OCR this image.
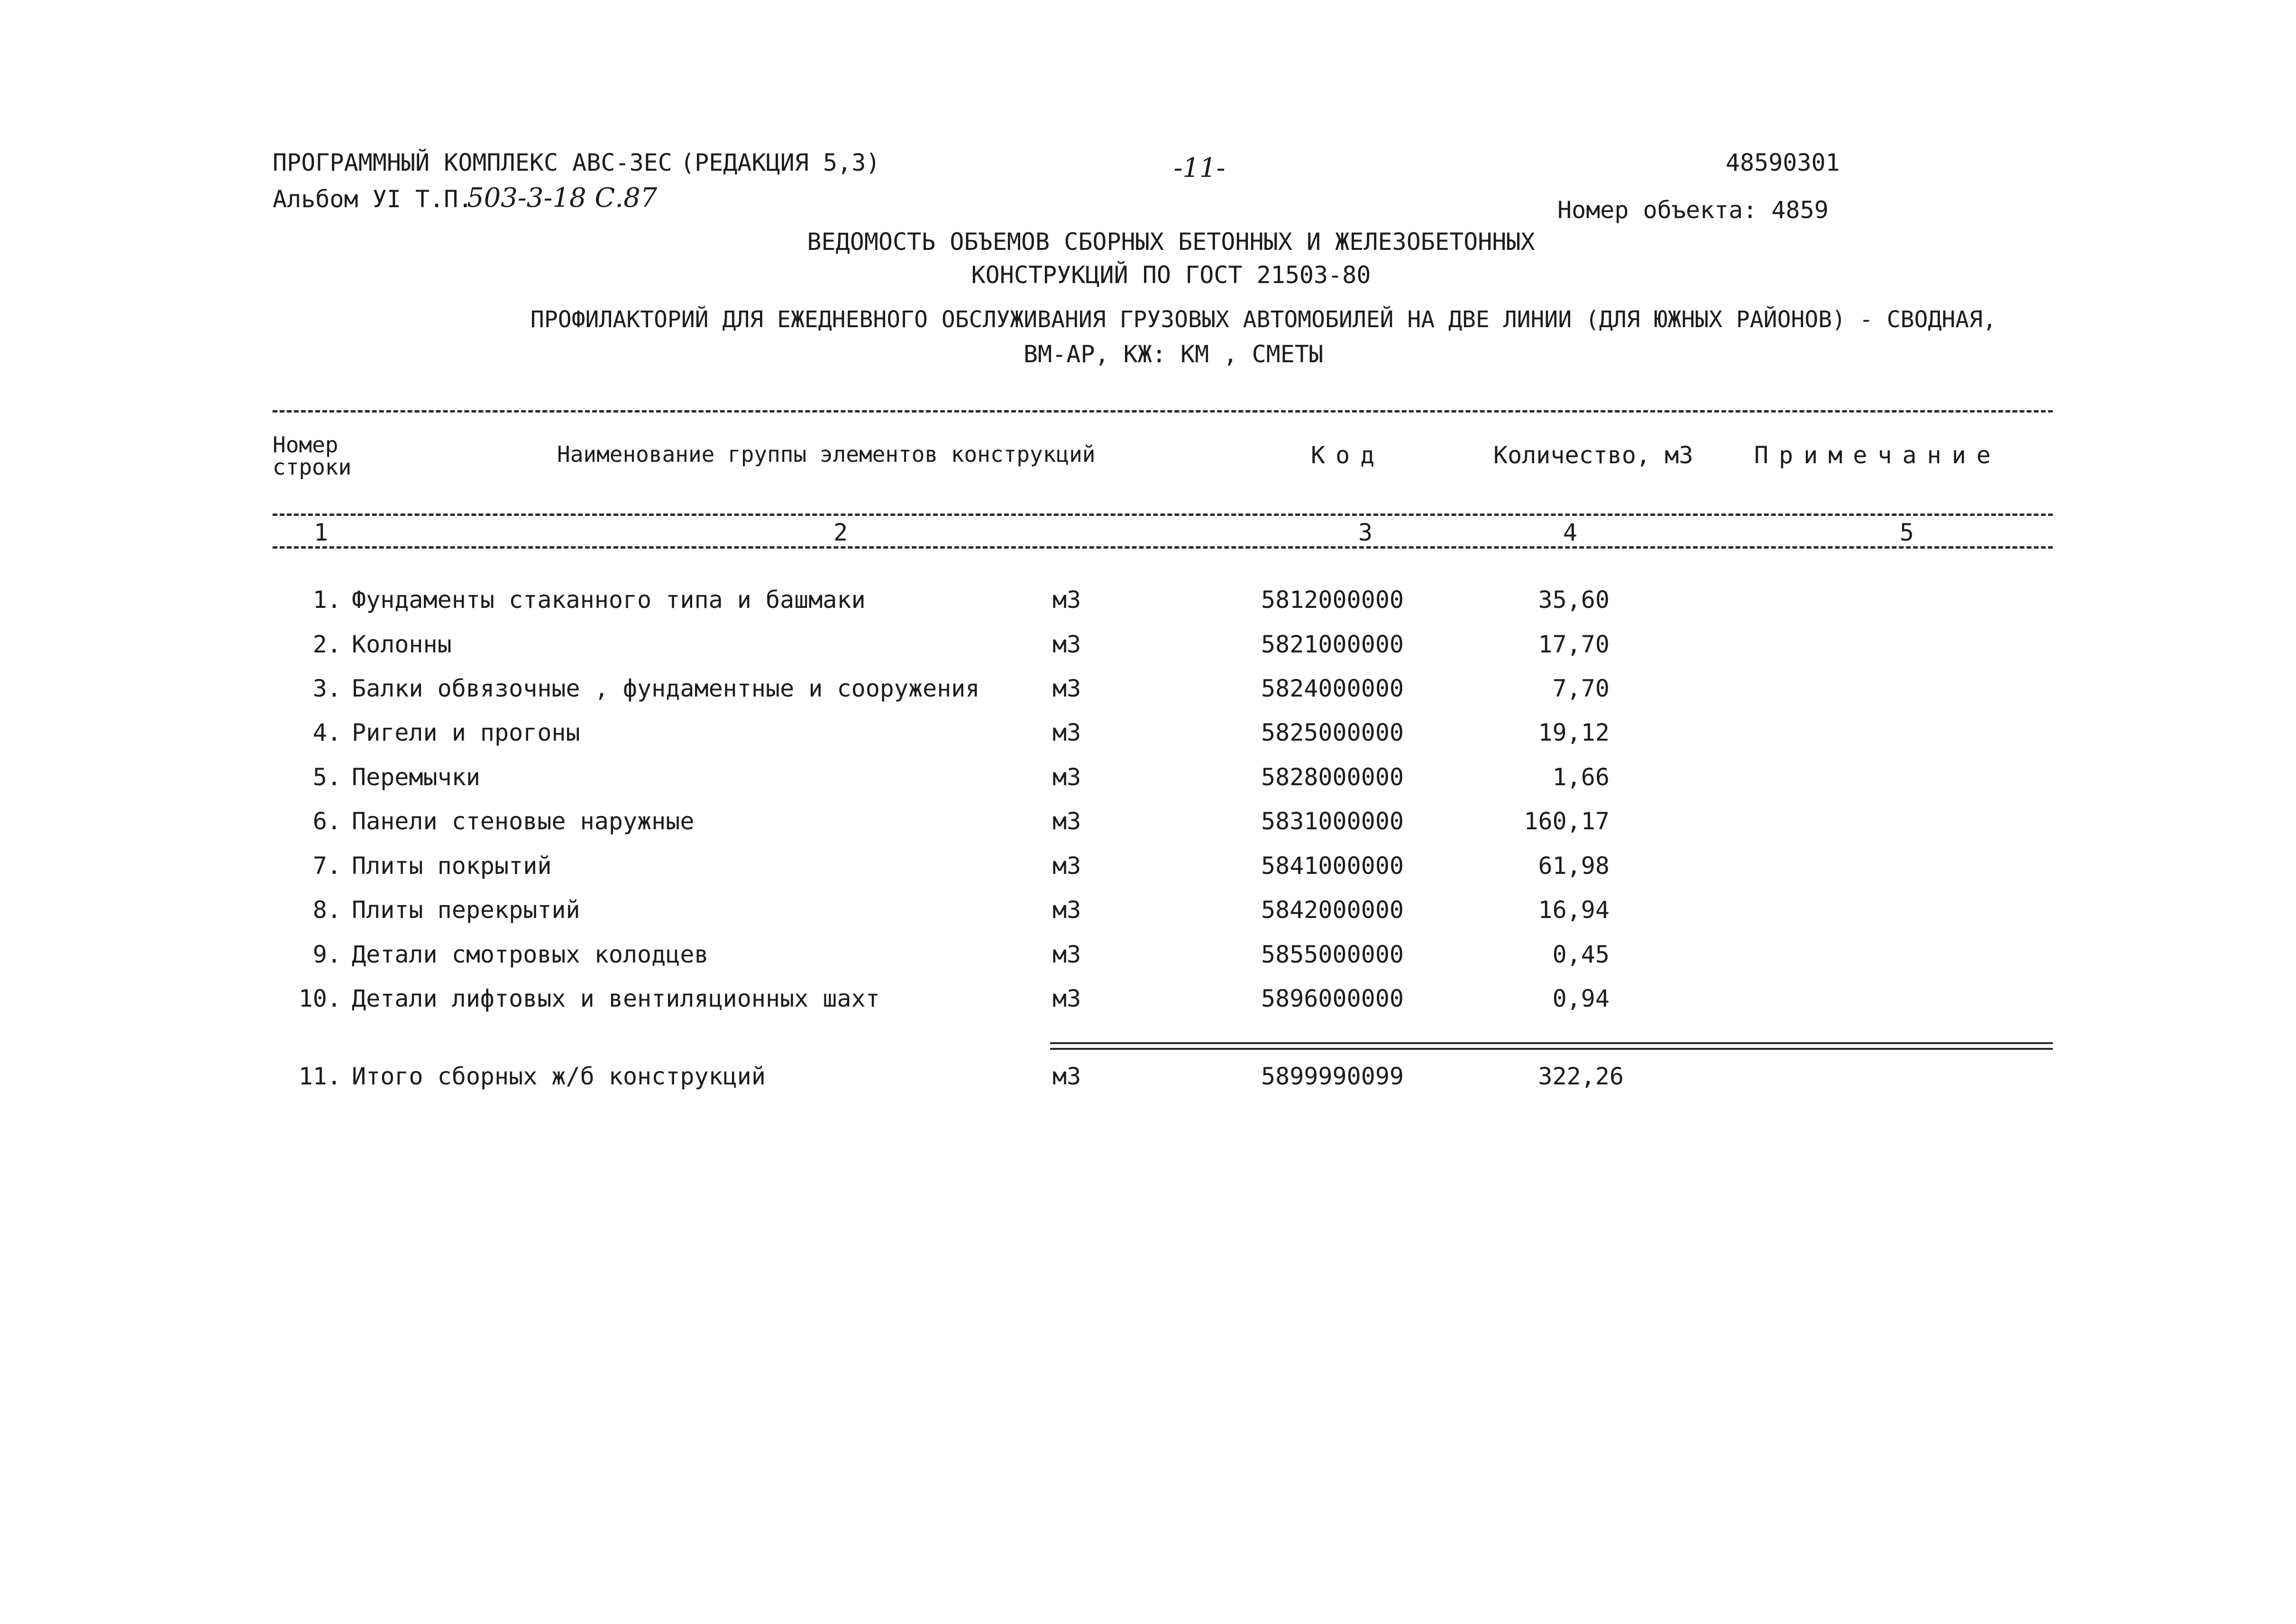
ПРОГРАММНЫЙ КОМПЛЕКС АВС-3ЕС (РЕДАКЦИЯ 5,3)	-11-	48590301
Альбом УI Т.П.
503-3-18 С.87	Номер объекта: 4859
ВЕДОМОСТЬ ОБЪЕМОВ СБОРНЫХ БЕТОННЫХ И ЖЕЛЕЗОБЕТОННЫХ
КОНСТРУКЦИЙ ПО ГОСТ 21503-80
ПРОФИЛАКТОРИЙ ДЛЯ ЕЖЕДНЕВНОГО ОБСЛУЖИВАНИЯ ГРУЗОВЫХ АВТОМОБИЛЕЙ НА ДВЕ ЛИНИИ (ДЛЯ ЮЖНЫХ РАЙОНОВ) - СВОДНАЯ,
ВМ-АР, КЖ: КМ , СМЕТЫ
Номер
строки	Наименование группы элементов конструкций	Код	Количество, м3	Примечание
1	2	3	4	5
1. Фундаменты стаканного типа и башмаки	м3	5812000000	35,60
2. Колонны	м3	5821000000	17,70
3. Балки обвязочные , фундаментные и сооружения	м3	5824000000	7,70
4. Ригели и прогоны	м3	5825000000	19,12
5. Перемычки	м3	5828000000	1,66
6. Панели стеновые наружные	м3	5831000000	160,17
7. Плиты покрытий	м3	5841000000	61,98
8. Плиты перекрытий	м3	5842000000	16,94
9. Детали смотровых колодцев	м3	5855000000	0,45
10. Детали лифтовых и вентиляционных шахт	м3	5896000000	0,94
11. Итого сборных ж/б конструкций	м3	5899990099	322,26
